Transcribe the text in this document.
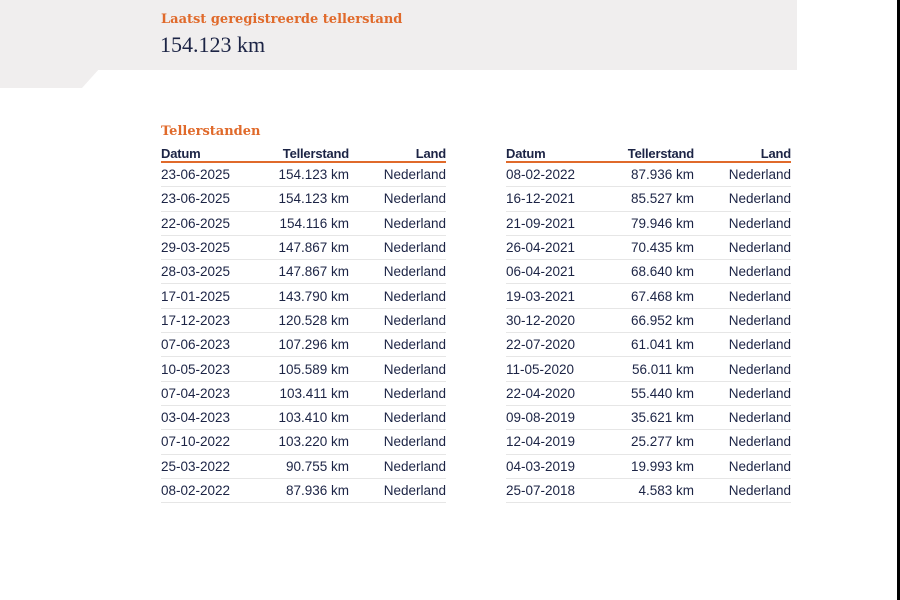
Laatst geregistreerde tellerstand
154.123 km
Tellerstanden
Datum	Tellerstand	Land
23-06-2025	154.123 km	Nederland
23-06-2025	154.123 km	Nederland
22-06-2025	154.116 km	Nederland
29-03-2025	147.867 km	Nederland
28-03-2025	147.867 km	Nederland
17-01-2025	143.790 km	Nederland
17-12-2023	120.528 km	Nederland
07-06-2023	107.296 km	Nederland
10-05-2023	105.589 km	Nederland
07-04-2023	103.411 km	Nederland
03-04-2023	103.410 km	Nederland
07-10-2022	103.220 km	Nederland
25-03-2022	90.755 km	Nederland
08-02-2022	87.936 km	Nederland
Datum	Tellerstand	Land
08-02-2022	87.936 km	Nederland
16-12-2021	85.527 km	Nederland
21-09-2021	79.946 km	Nederland
26-04-2021	70.435 km	Nederland
06-04-2021	68.640 km	Nederland
19-03-2021	67.468 km	Nederland
30-12-2020	66.952 km	Nederland
22-07-2020	61.041 km	Nederland
11-05-2020	56.011 km	Nederland
22-04-2020	55.440 km	Nederland
09-08-2019	35.621 km	Nederland
12-04-2019	25.277 km	Nederland
04-03-2019	19.993 km	Nederland
25-07-2018	4.583 km	Nederland
